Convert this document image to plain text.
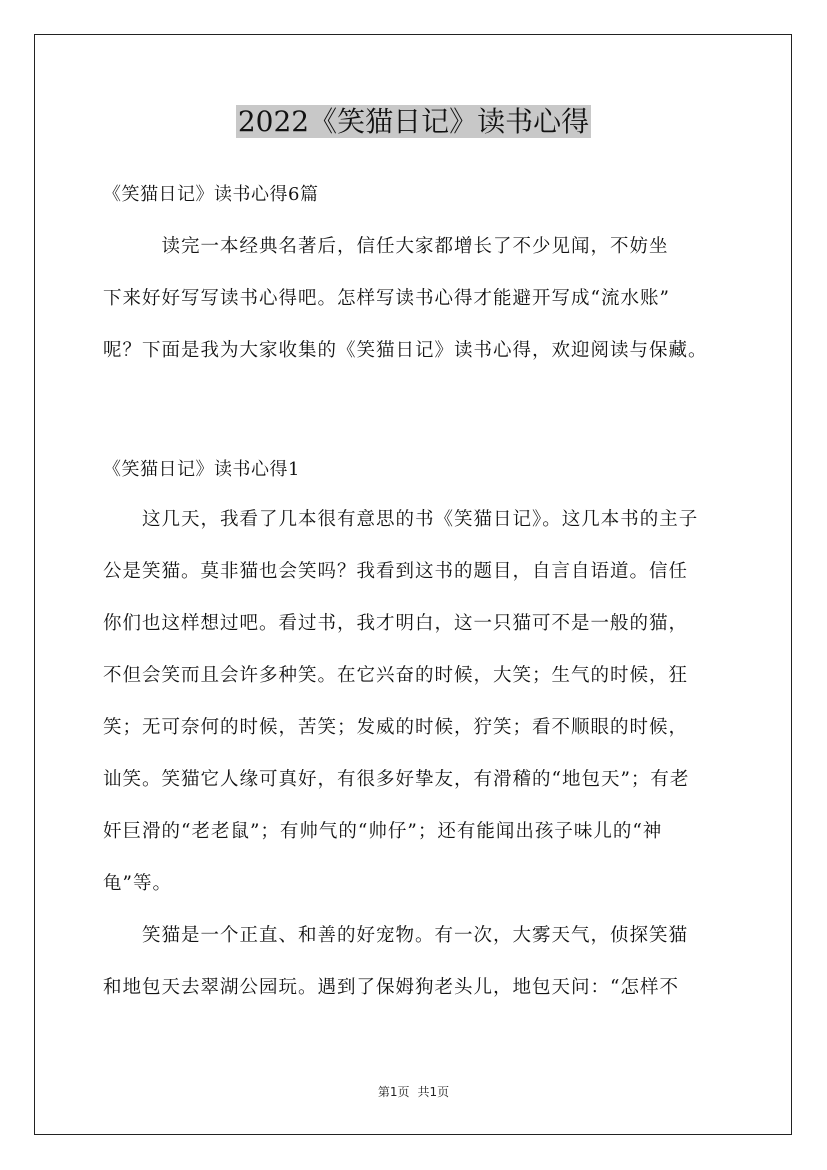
2022《笑猫日记》读书心得
《笑猫日记》读书心得6篇
　　　读完一本经典名著后，信任大家都增长了不少见闻，不妨坐
下来好好写写读书心得吧。怎样写读书心得才能避开写成“流水账”
呢？下面是我为大家收集的《笑猫日记》读书心得，欢迎阅读与保藏。
《笑猫日记》读书心得1
　　这几天，我看了几本很有意思的书《笑猫日记》。这几本书的主子
公是笑猫。莫非猫也会笑吗？我看到这书的题目，自言自语道。信任
你们也这样想过吧。看过书，我才明白，这一只猫可不是一般的猫，
不但会笑而且会许多种笑。在它兴奋的时候，大笑；生气的时候，狂
笑；无可奈何的时候，苦笑；发威的时候，狞笑；看不顺眼的时候，
讪笑。笑猫它人缘可真好，有很多好挚友，有滑稽的“地包天”；有老
奸巨滑的“老老鼠”；有帅气的“帅仔”；还有能闻出孩子味儿的“神
龟”等。
　　笑猫是一个正直、和善的好宠物。有一次，大雾天气，侦探笑猫
和地包天去翠湖公园玩。遇到了保姆狗老头儿，地包天问：“怎样不
第1页 共1页
